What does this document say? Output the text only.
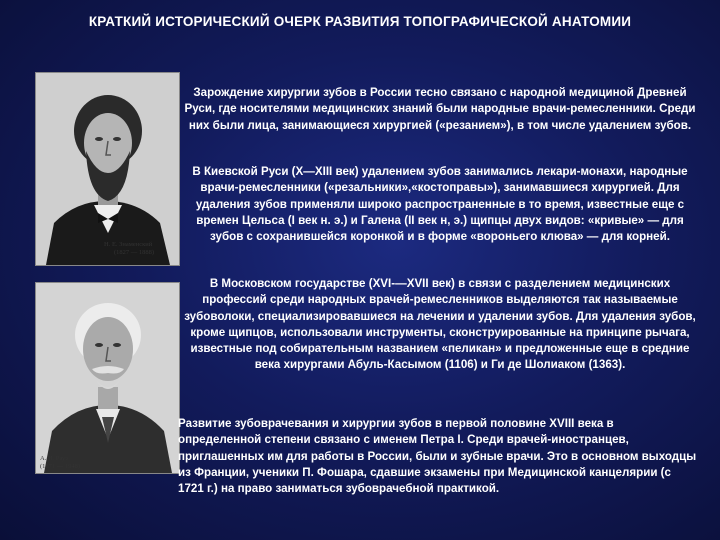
КРАТКИЙ ИСТОРИЧЕСКИЙ ОЧЕРК РАЗВИТИЯ ТОПОГРАФИЧЕСКОЙ АНАТОМИИ
Н. Е. Знаменский
(1827 — 1888)
А. И. Рауэ
(1871 — 1948)
Зарождение хирургии зубов в России тесно связано с народной медициной Древней Руси, где носителями медицинских знаний были народные врачи-ремесленники. Среди них были лица, занимающиеся хирургией («резанием»), в том числе удалением зубов.
В Киевской Руси (X—XIII век) удалением зубов занимались лекари-монахи, народные врачи-ремесленники («резальники»,«костоправы»), занимавшиеся хирургией. Для удаления зубов применяли широко распространенные в то время, известные еще с времен Цельса (I век н. э.) и Галена (II век н, э.) щипцы двух видов: «кривые» — для зубов с сохранившейся коронкой и в форме «вороньего клюва» — для корней.
В Московском государстве (XVI-—XVII век) в связи с разделением медицинских профессий среди народных врачей-ремесленников выделяются так называемые зубоволоки, специализировавшиеся на лечении и удалении зубов. Для удаления зубов, кроме щипцов, использовали инструменты, сконструированные на принципе рычага, известные под собирательным названием «пеликан» и предложенные еще в средние века хирургами Абуль-Касымом (1106) и Ги де Шолиаком (1363).
Развитие зубоврачевания и хирургии зубов в первой половине XVIII века в определенной степени связано с именем Петра I. Среди врачей-иностранцев, приглашенных им для работы в России, были и зубные врачи. Это в основном выходцы из Франции, ученики П. Фошара, сдавшие экзамены при Медицинской канцелярии (с 1721 г.) на право заниматься зубоврачебной практикой.
